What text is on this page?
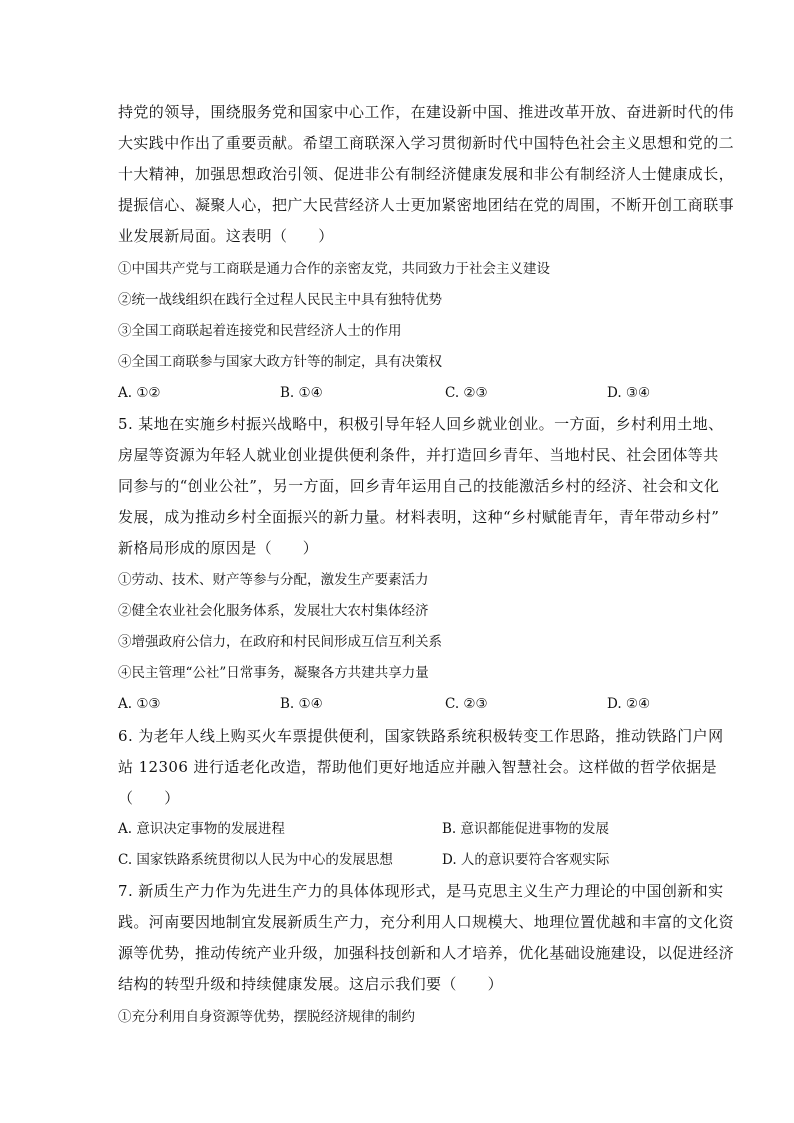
持党的领导，围绕服务党和国家中心工作，在建设新中国、推进改革开放、奋进新时代的伟
大实践中作出了重要贡献。希望工商联深入学习贯彻新时代中国特色社会主义思想和党的二
十大精神，加强思想政治引领、促进非公有制经济健康发展和非公有制经济人士健康成长，
提振信心、凝聚人心，把广大民营经济人士更加紧密地团结在党的周围，不断开创工商联事
业发展新局面。这表明（　　）
①中国共产党与工商联是通力合作的亲密友党，共同致力于社会主义建设
②统一战线组织在践行全过程人民民主中具有独特优势
③全国工商联起着连接党和民营经济人士的作用
④全国工商联参与国家大政方针等的制定，具有决策权
A. ①②	B. ①④	C. ②③	D. ③④
5. 某地在实施乡村振兴战略中，积极引导年轻人回乡就业创业。一方面，乡村利用土地、
房屋等资源为年轻人就业创业提供便利条件，并打造回乡青年、当地村民、社会团体等共
同参与的“创业公社”，另一方面，回乡青年运用自己的技能激活乡村的经济、社会和文化
发展，成为推动乡村全面振兴的新力量。材料表明，这种“乡村赋能青年，青年带动乡村”
新格局形成的原因是（　　）
①劳动、技术、财产等参与分配，激发生产要素活力
②健全农业社会化服务体系，发展壮大农村集体经济
③增强政府公信力，在政府和村民间形成互信互利关系
④民主管理“公社”日常事务，凝聚各方共建共享力量
A. ①③	B. ①④	C. ②③	D. ②④
6. 为老年人线上购买火车票提供便利，国家铁路系统积极转变工作思路，推动铁路门户网
站 12306 进行适老化改造，帮助他们更好地适应并融入智慧社会。这样做的哲学依据是
（　　）
A. 意识决定事物的发展进程	B. 意识都能促进事物的发展
C. 国家铁路系统贯彻以人民为中心的发展思想	D. 人的意识要符合客观实际
7. 新质生产力作为先进生产力的具体体现形式，是马克思主义生产力理论的中国创新和实
践。河南要因地制宜发展新质生产力，充分利用人口规模大、地理位置优越和丰富的文化资
源等优势，推动传统产业升级，加强科技创新和人才培养，优化基础设施建设，以促进经济
结构的转型升级和持续健康发展。这启示我们要（　　）
①充分利用自身资源等优势，摆脱经济规律的制约
